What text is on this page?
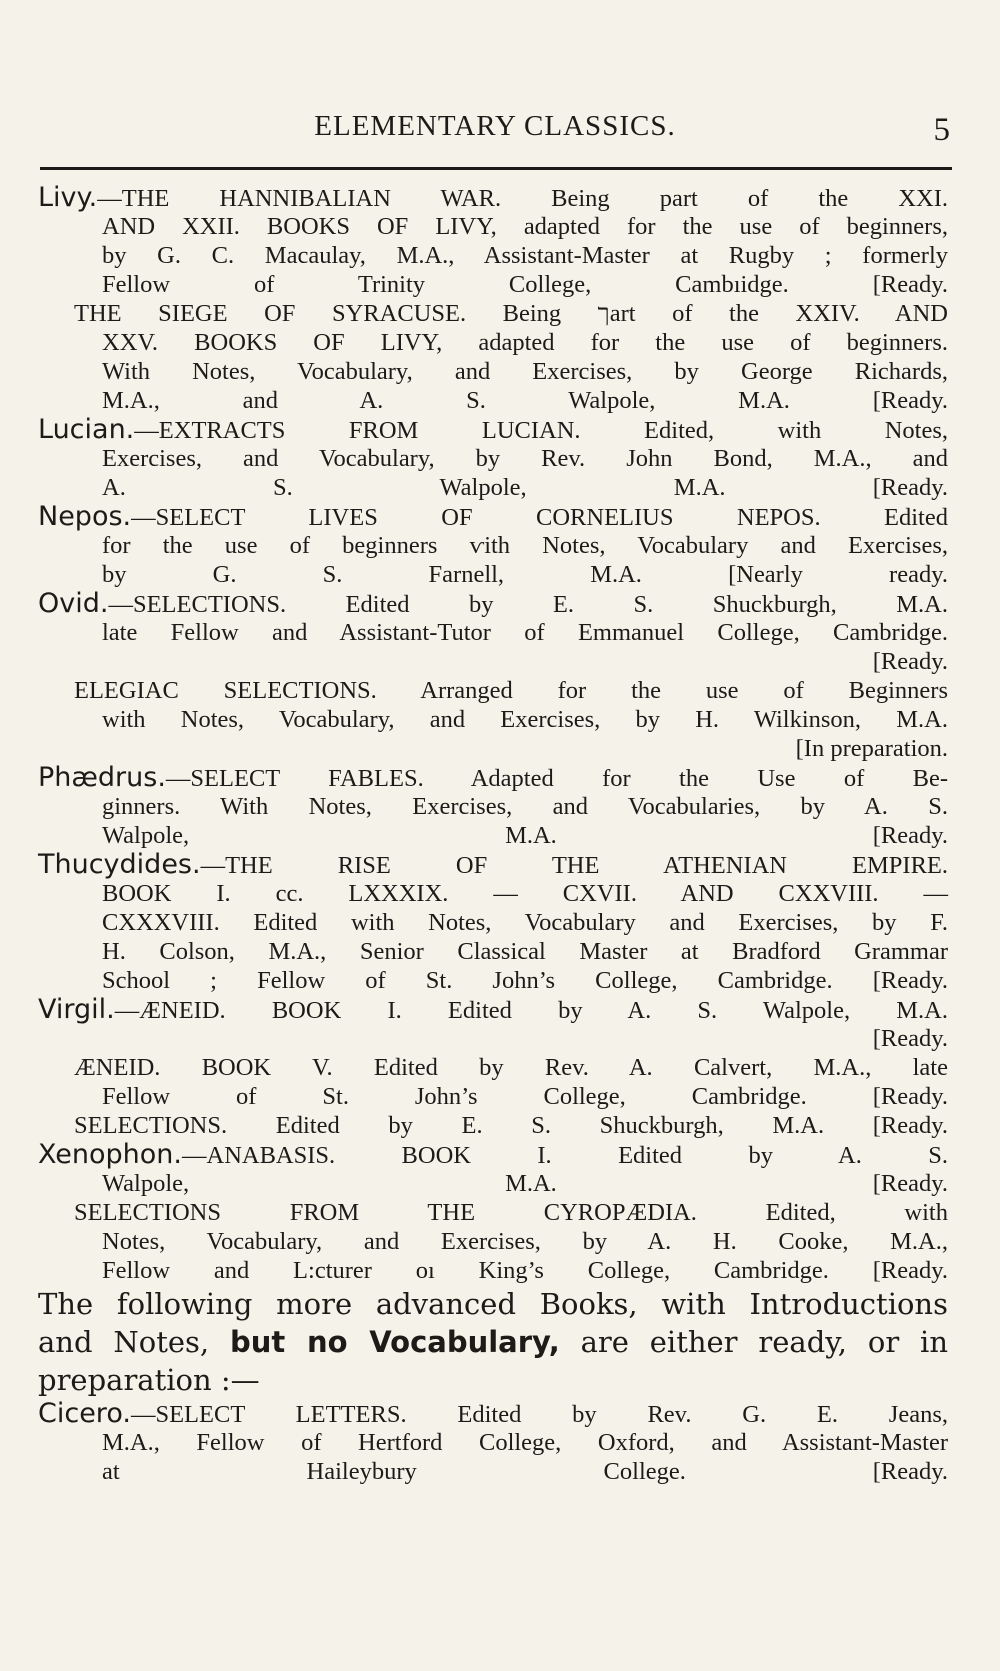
ELEMENTARY CLASSICS.	5
Livy.—THE HANNIBALIAN WAR. Being part of the XXI.
AND XXII. BOOKS OF LIVY, adapted for the use of beginners,
by G. C. Macaulay, M.A., Assistant-Master at Rugby ; formerly
Fellow of Trinity College, Cambıidge. [Ready.
THE SIEGE OF SYRACUSE. Being ךart of the XXIV. AND
XXV. BOOKS OF LIVY, adapted for the use of beginners.
With Notes, Vocabulary, and Exercises, by George Richards,
M.A., and A. S. Walpole, M.A. [Ready.
Lucian.—EXTRACTS FROM LUCIAN. Edited, with Notes,
Exercises, and Vocabulary, by Rev. John Bond, M.A., and
A. S. Walpole, M.A. [Ready.
Nepos.—SELECT LIVES OF CORNELIUS NEPOS. Edited
for the use of beginners ⱱith Notes, Vocabulary and Exercises,
by G. S. Farnell, M.A. [Nearly ready.
Ovid.—SELECTIONS. Edited by E. S. Shuckburgh, M.A.
late Fellow and Assistant-Tutor of Emmanuel College, Cambridge.
[Ready.
ELEGIAC SELECTIONS. Arranged for the use of Beginners
with Notes, Vocabulary, and Exercises, by H. Wilkinson, M.A.
[In preparation.
Phædrus.—SELECT FABLES. Adapted for the Use of Be-
ginners. With Notes, Exercises, and Vocabularies, by A. S.
Walpole, M.A. [Ready.
Thucydides.—THE RISE OF THE ATHENIAN EMPIRE.
BOOK I. cc. LXXXIX. — CXVII. AND CXXVIII. —
CXXXVIII. Edited with Notes, Vocabulary and Exercises, by F.
H. Colson, M.A., Senior Classical Master at Bradford Grammar
School ; Fellow of St. John’s College, Cambridge. [Ready.
Virgil.—ÆNEID. BOOK I. Edited by A. S. Walpole, M.A.
[Ready.
ÆNEID. BOOK V. Edited by Rev. A. Calvert, M.A., late
Fellow of St. John’s College, Cambridge. [Ready.
SELECTIONS. Edited by E. S. Shuckburgh, M.A. [Ready.
Xenophon.—ANABASIS. BOOK I. Edited by A. S.
Walpole, M.A. [Ready.
SELECTIONS FROM THE CYROPÆDIA. Edited, with
Notes, Vocabulary, and Exercises, by A. H. Cooke, M.A.,
Fellow and L:cturer oı King’s College, Cambridge. [Ready.
The following more advanced Books, with Introductions
and Notes, but no Vocabulary, are either ready, or in
preparation :—
Cicero.—SELECT LETTERS. Edited by Rev. G. E. Jeans,
M.A., Fellow of Hertford College, Oxford, and Assistant-Master
at Haileybury College. [Ready.
